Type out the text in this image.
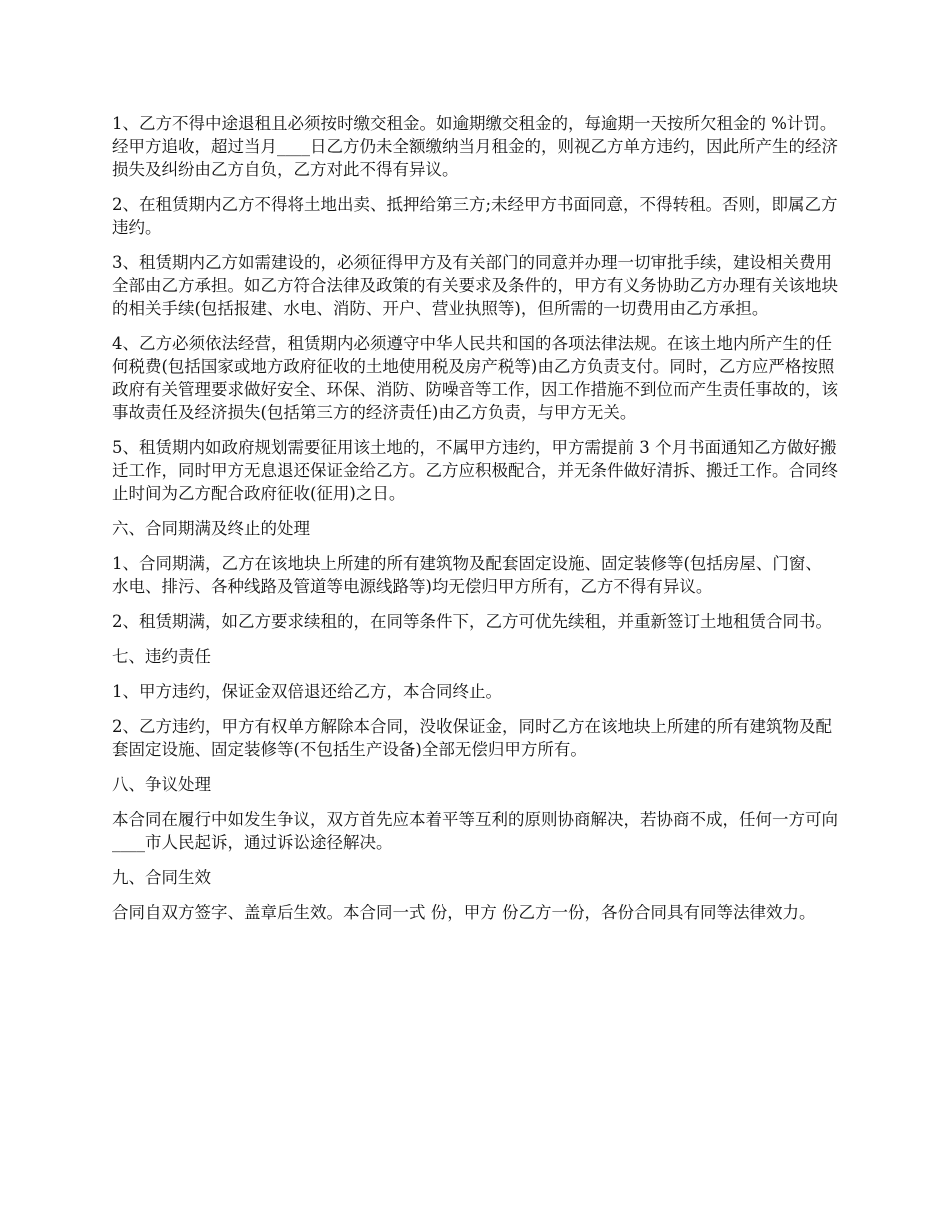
1、乙方不得中途退租且必须按时缴交租金。如逾期缴交租金的，每逾期一天按所欠租金的 %计罚。经甲方追收，超过当月____日乙方仍未全额缴纳当月租金的，则视乙方单方违约，因此所产生的经济损失及纠纷由乙方自负，乙方对此不得有异议。

2、在租赁期内乙方不得将土地出卖、抵押给第三方;未经甲方书面同意，不得转租。否则，即属乙方违约。

3、租赁期内乙方如需建设的，必须征得甲方及有关部门的同意并办理一切审批手续，建设相关费用全部由乙方承担。如乙方符合法律及政策的有关要求及条件的，甲方有义务协助乙方办理有关该地块的相关手续(包括报建、水电、消防、开户、营业执照等)，但所需的一切费用由乙方承担。

4、乙方必须依法经营，租赁期内必须遵守中华人民共和国的各项法律法规。在该土地内所产生的任何税费(包括国家或地方政府征收的土地使用税及房产税等)由乙方负责支付。同时，乙方应严格按照政府有关管理要求做好安全、环保、消防、防噪音等工作，因工作措施不到位而产生责任事故的，该事故责任及经济损失(包括第三方的经济责任)由乙方负责，与甲方无关。

5、租赁期内如政府规划需要征用该土地的，不属甲方违约，甲方需提前 3 个月书面通知乙方做好搬迁工作，同时甲方无息退还保证金给乙方。乙方应积极配合，并无条件做好清拆、搬迁工作。合同终止时间为乙方配合政府征收(征用)之日。

六、合同期满及终止的处理

1、合同期满，乙方在该地块上所建的所有建筑物及配套固定设施、固定装修等(包括房屋、门窗、水电、排污、各种线路及管道等电源线路等)均无偿归甲方所有，乙方不得有异议。

2、租赁期满，如乙方要求续租的，在同等条件下，乙方可优先续租，并重新签订土地租赁合同书。

七、违约责任

1、甲方违约，保证金双倍退还给乙方，本合同终止。

2、乙方违约，甲方有权单方解除本合同，没收保证金，同时乙方在该地块上所建的所有建筑物及配套固定设施、固定装修等(不包括生产设备)全部无偿归甲方所有。

八、争议处理

本合同在履行中如发生争议，双方首先应本着平等互利的原则协商解决，若协商不成，任何一方可向____市人民起诉，通过诉讼途径解决。

九、合同生效

合同自双方签字、盖章后生效。本合同一式 份，甲方 份乙方一份，各份合同具有同等法律效力。
